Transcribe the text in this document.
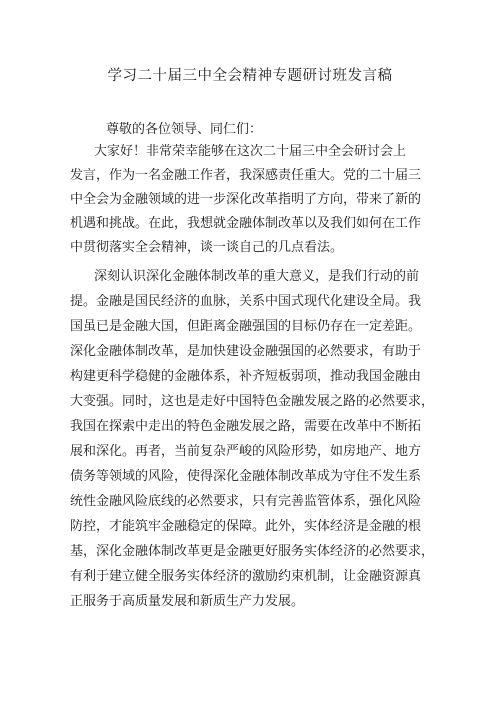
学习二十届三中全会精神专题研讨班发言稿
尊敬的各位领导、同仁们：
大家好！非常荣幸能够在这次二十届三中全会研讨会上
发言，作为一名金融工作者，我深感责任重大。党的二十届三
中全会为金融领域的进一步深化改革指明了方向，带来了新的
机遇和挑战。在此，我想就金融体制改革以及我们如何在工作
中贯彻落实全会精神，谈一谈自己的几点看法。
深刻认识深化金融体制改革的重大意义，是我们行动的前
提。金融是国民经济的血脉，关系中国式现代化建设全局。我
国虽已是金融大国，但距离金融强国的目标仍存在一定差距。
深化金融体制改革，是加快建设金融强国的必然要求，有助于
构建更科学稳健的金融体系，补齐短板弱项，推动我国金融由
大变强。同时，这也是走好中国特色金融发展之路的必然要求，
我国在探索中走出的特色金融发展之路，需要在改革中不断拓
展和深化。再者，当前复杂严峻的风险形势，如房地产、地方
债务等领域的风险，使得深化金融体制改革成为守住不发生系
统性金融风险底线的必然要求，只有完善监管体系，强化风险
防控，才能筑牢金融稳定的保障。此外，实体经济是金融的根
基，深化金融体制改革更是金融更好服务实体经济的必然要求，
有利于建立健全服务实体经济的激励约束机制，让金融资源真
正服务于高质量发展和新质生产力发展。
